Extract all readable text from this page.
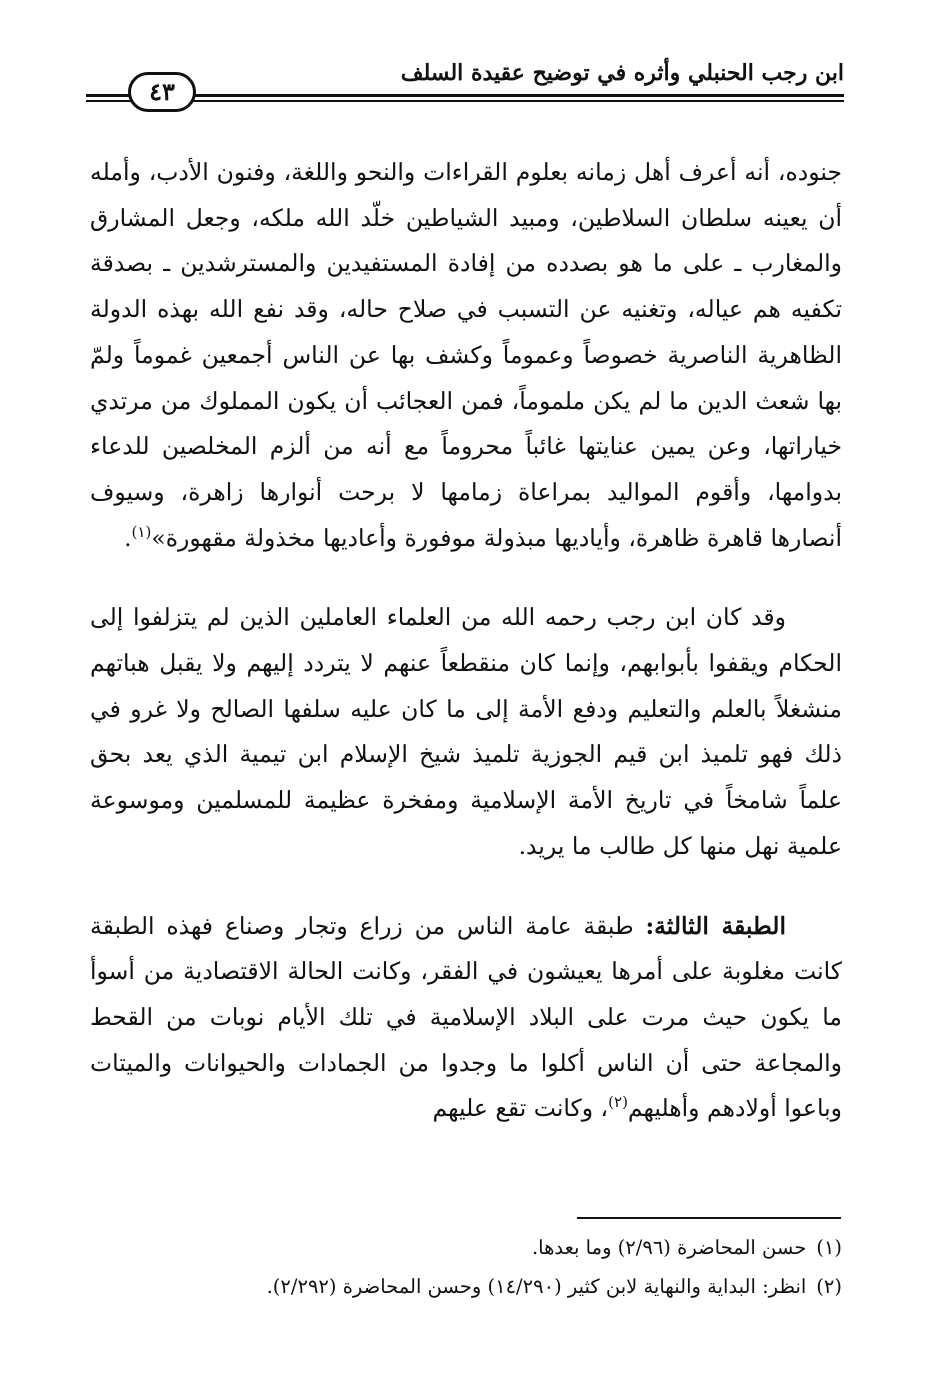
ابن رجب الحنبلي وأثره في توضيح عقيدة السلف
٤٣

جنوده، أنه أعرف أهل زمانه بعلوم القراءات والنحو واللغة، وفنون الأدب، وأمله أن يعينه سلطان السلاطين، ومبيد الشياطين خلّد الله ملكه، وجعل المشارق والمغارب ـ على ما هو بصدده من إفادة المستفيدين والمسترشدين ـ بصدقة تكفيه هم عياله، وتغنيه عن التسبب في صلاح حاله، وقد نفع الله بهذه الدولة الظاهرية الناصرية خصوصاً وعموماً وكشف بها عن الناس أجمعين غموماً ولمّ بها شعث الدين ما لم يكن ملموماً، فمن العجائب أن يكون المملوك من مرتدي خياراتها، وعن يمين عنايتها غائباً محروماً مع أنه من ألزم المخلصين للدعاء بدوامها، وأقوم المواليد بمراعاة زمامها لا برحت أنوارها زاهرة، وسيوف أنصارها قاهرة ظاهرة، وأياديها مبذولة موفورة وأعاديها مخذولة مقهورة»$^{(١)}$.

وقد كان ابن رجب رحمه الله من العلماء العاملين الذين لم يتزلفوا إلى الحكام ويقفوا بأبوابهم، وإنما كان منقطعاً عنهم لا يتردد إليهم ولا يقبل هباتهم منشغلاً بالعلم والتعليم ودفع الأمة إلى ما كان عليه سلفها الصالح ولا غرو في ذلك فهو تلميذ ابن قيم الجوزية تلميذ شيخ الإسلام ابن تيمية الذي يعد بحق علماً شامخاً في تاريخ الأمة الإسلامية ومفخرة عظيمة للمسلمين وموسوعة علمية نهل منها كل طالب ما يريد.

الطبقة الثالثة: طبقة عامة الناس من زراع وتجار وصناع فهذه الطبقة كانت مغلوبة على أمرها يعيشون في الفقر، وكانت الحالة الاقتصادية من أسوأ ما يكون حيث مرت على البلاد الإسلامية في تلك الأيام نوبات من القحط والمجاعة حتى أن الناس أكلوا ما وجدوا من الجمادات والحيوانات والميتات وباعوا أولادهم وأهليهم$^{(٢)}$، وكانت تقع عليهم

(١)حسن المحاضرة (٢/٩٦) وما بعدها.

(٢)انظر: البداية والنهاية لابن كثير (١٤/٢٩٠) وحسن المحاضرة (٢/٢٩٢).
